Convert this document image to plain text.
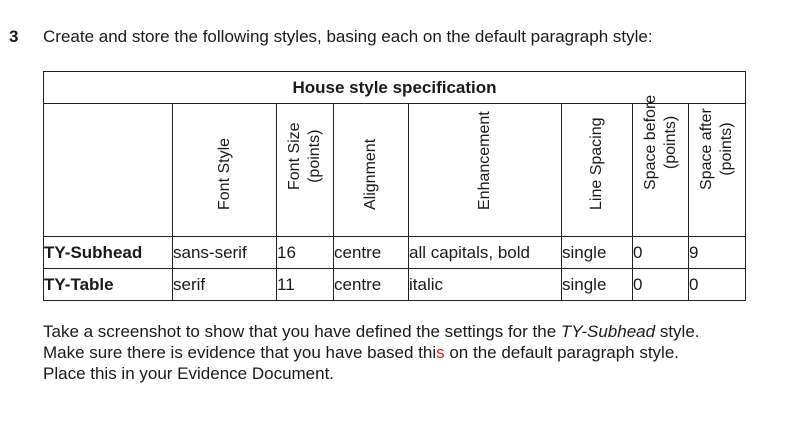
3 Create and store the following styles, basing each on the default paragraph style:
House style specification							

	Font Style	Font Size (points)	Alignment	Enhancement	Line Spacing	Space before (points)	Space after (points)

TY-Subhead	sans-serif	16	centre	all capitals, bold	single	0	9
TY-Table	serif	11	centre	italic	single	0	0
Take a screenshot to show that you have defined the settings for the TY-Subhead style.
Make sure there is evidence that you have based this on the default paragraph style.
Place this in your Evidence Document.
